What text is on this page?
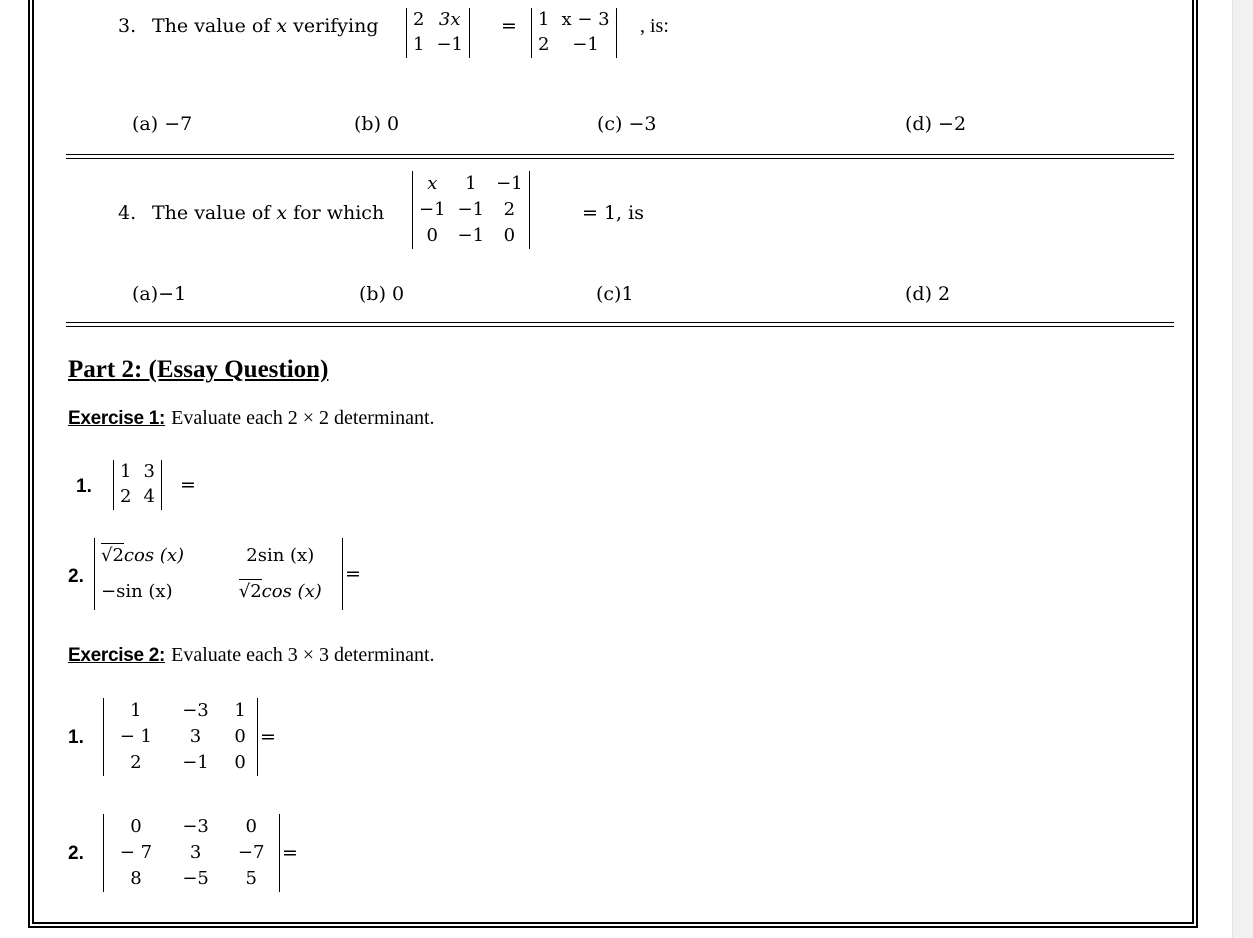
3. The value of x verifying 2	3x
1	−1
= 1	x − 3
2	−1
, is:
(a) −7	(b) 0	(c) −3	(d) −2
4. The value of x for which
x	1	−1
−1	−1	2
0	−1	0
= 1, is
(a)−1	(b) 0	(c)1	(d) 2
Part 2: (Essay Question)
Exercise 1: Evaluate each 2 × 2 determinant.
1.
1	3
2	4
=
2.
√2cos (x)	2sin (x)
−sin (x)	√2cos (x)
=
Exercise 2: Evaluate each 3 × 3 determinant.
1.
1	−3	1
− 1	3	0
2	−1	0
=
2.
0	−3	0
− 7	3	−7
8	−5	5
=
